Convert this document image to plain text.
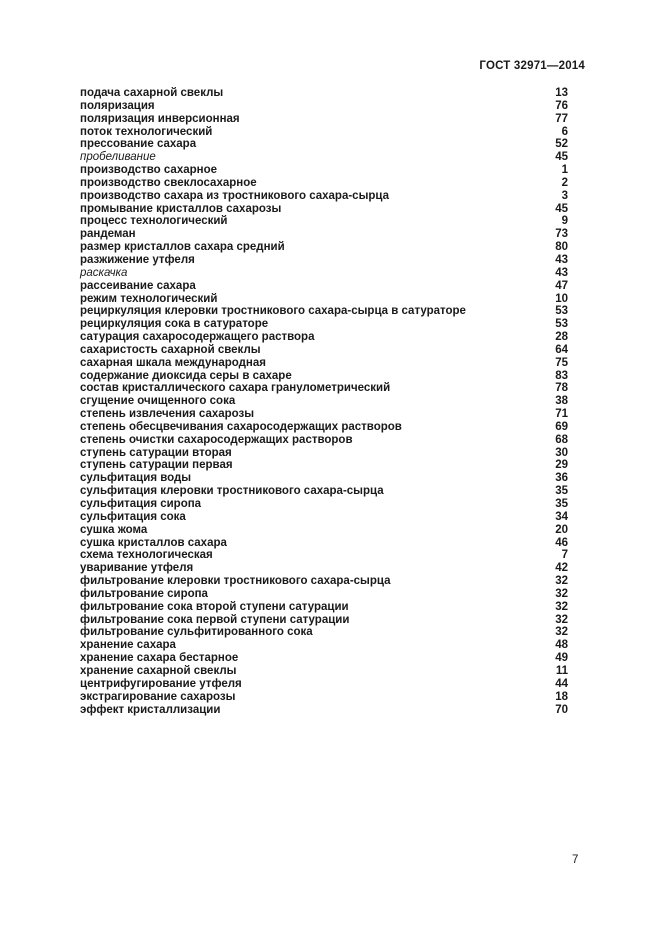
ГОСТ 32971—2014
подача сахарной свеклы	13
поляризация	76
поляризация инверсионная	77
поток технологический	6
прессование сахара	52
пробеливание	45
производство сахарное	1
производство свеклосахарное	2
производство сахара из тростникового сахара-сырца	3
промывание кристаллов сахарозы	45
процесс технологический	9
рандеман	73
размер кристаллов сахара средний	80
разжижение утфеля	43
раскачка	43
рассеивание сахара	47
режим технологический	10
рециркуляция клеровки тростникового сахара-сырца в сатураторе	53
рециркуляция сока в сатураторе	53
сатурация сахаросодержащего раствора	28
сахаристость сахарной свеклы	64
сахарная шкала международная	75
содержание диоксида серы в сахаре	83
состав кристаллического сахара гранулометрический	78
сгущение очищенного сока	38
степень извлечения сахарозы	71
степень обесцвечивания сахаросодержащих растворов	69
степень очистки сахаросодержащих растворов	68
ступень сатурации вторая	30
ступень сатурации первая	29
сульфитация воды	36
сульфитация клеровки тростникового сахара-сырца	35
сульфитация сиропа	35
сульфитация сока	34
сушка жома	20
сушка кристаллов сахара	46
схема технологическая	7
уваривание утфеля	42
фильтрование клеровки тростникового сахара-сырца	32
фильтрование сиропа	32
фильтрование сока второй ступени сатурации	32
фильтрование сока первой ступени сатурации	32
фильтрование сульфитированного сока	32
хранение сахара	48
хранение сахара бестарное	49
хранение сахарной свеклы	11
центрифугирование утфеля	44
экстрагирование сахарозы	18
эффект кристаллизации	70
7
